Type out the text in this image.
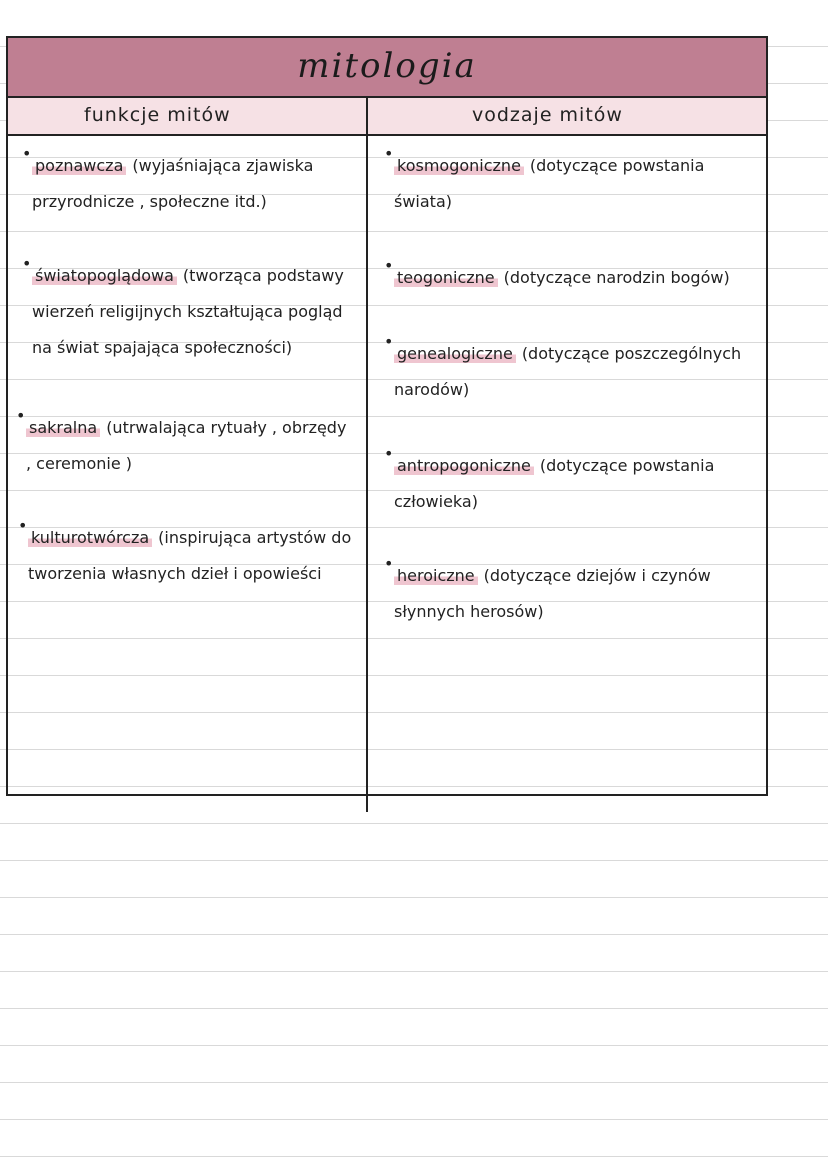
mitologia
funkcje mitów	vodzaje mitów
•
poznawcza (wyjaśniająca zjawiska przyrodnicze , społeczne itd.)
•
światopoglądowa (tworząca podstawy wierzeń religijnych kształtująca pogląd na świat spajająca społeczności)
•
sakralna (utrwalająca rytuały , obrzędy , ceremonie )
•
kulturotwórcza (inspirująca artystów do tworzenia własnych dzieł i opowieści
•
kosmogoniczne (dotyczące powstania świata)
•
teogoniczne (dotyczące narodzin bogów)
•
genealogiczne (dotyczące poszczególnych narodów)
•
antropogoniczne (dotyczące powstania człowieka)
•
heroiczne (dotyczące dziejów i czynów słynnych herosów)
